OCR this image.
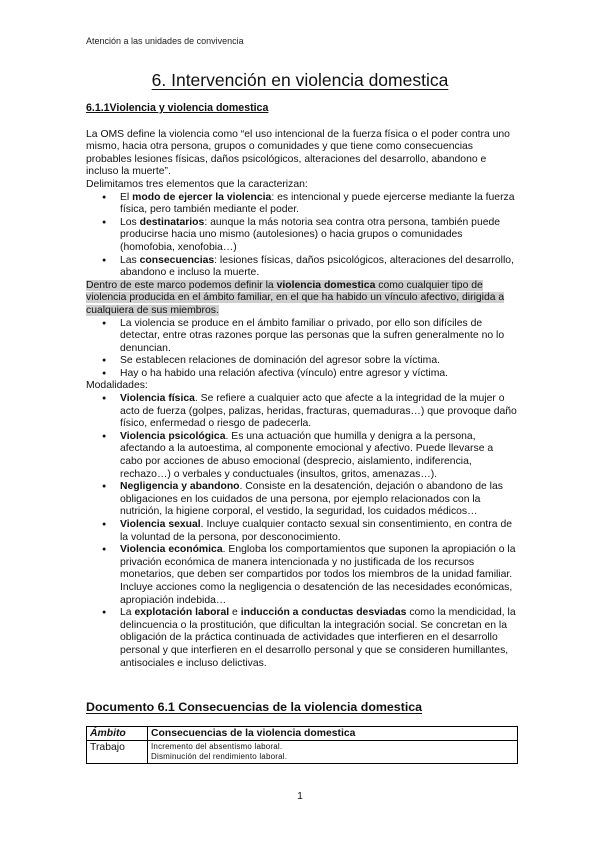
Atención a las unidades de convivencia
6. Intervención en violencia domestica

6.1.1Violencia y violencia domestica

La OMS define la violencia como “el uso intencional de la fuerza física o el poder contra uno mismo, hacia otra persona, grupos o comunidades y que tiene como consecuencias probables lesiones físicas, daños psicológicos, alteraciones del desarrollo, abandono e incluso la muerte”.

Delimitamos tres elementos que la caracterizan:

● El modo de ejercer la violencia: es intencional y puede ejercerse mediante la fuerza física, pero también mediante el poder.
● Los destinatarios: aunque la más notoria sea contra otra persona, también puede producirse hacia uno mismo (autolesiones) o hacia grupos o comunidades (homofobia, xenofobia…)
● Las consecuencias: lesiones físicas, daños psicológicos, alteraciones del desarrollo, abandono e incluso la muerte.

Dentro de este marco podemos definir la violencia domestica como cualquier tipo de violencia producida en el ámbito familiar, en el que ha habido un vínculo afectivo, dirigida a cualquiera de sus miembros.

● La violencia se produce en el ámbito familiar o privado, por ello son difíciles de detectar, entre otras razones porque las personas que la sufren generalmente no lo denuncian.
● Se establecen relaciones de dominación del agresor sobre la víctima.
● Hay o ha habido una relación afectiva (vínculo) entre agresor y víctima.

Modalidades:

● Violencia física. Se refiere a cualquier acto que afecte a la integridad de la mujer o acto de fuerza (golpes, palizas, heridas, fracturas, quemaduras…) que provoque daño físico, enfermedad o riesgo de padecerla.
● Violencia psicológica. Es una actuación que humilla y denigra a la persona, afectando a la autoestima, al componente emocional y afectivo. Puede llevarse a cabo por acciones de abuso emocional (desprecio, aislamiento, indiferencia, rechazo…) o verbales y conductuales (insultos, gritos, amenazas…).
● Negligencia y abandono. Consiste en la desatención, dejación o abandono de las obligaciones en los cuidados de una persona, por ejemplo relacionados con la nutrición, la higiene corporal, el vestido, la seguridad, los cuidados médicos…
● Violencia sexual. Incluye cualquier contacto sexual sin consentimiento, en contra de la voluntad de la persona, por desconocimiento.
● Violencia económica. Engloba los comportamientos que suponen la apropiación o la privación económica de manera intencionada y no justificada de los recursos monetarios, que deben ser compartidos por todos los miembros de la unidad familiar. Incluye acciones como la negligencia o desatención de las necesidades económicas, apropiación indebida…
● La explotación laboral e inducción a conductas desviadas como la mendicidad, la delincuencia o la prostitución, que dificultan la integración social. Se concretan en la obligación de la práctica continuada de actividades que interfieren en el desarrollo personal y que interfieren en el desarrollo personal y que se consideren humillantes, antisociales e incluso delictivas.
Documento 6.1 Consecuencias de la violencia domestica
Ámbito	Consecuencias de la violencia domestica
Trabajo	Incremento del absentismo laboral.
Disminución del rendimiento laboral.
1
